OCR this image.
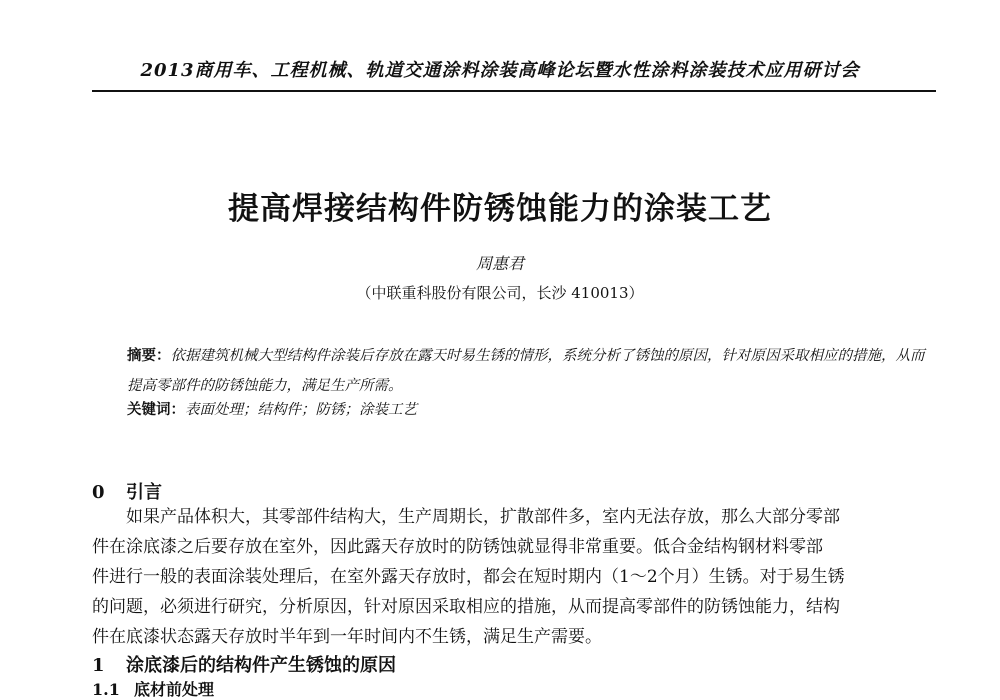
2013商用车、工程机械、轨道交通涂料涂装高峰论坛暨水性涂料涂装技术应用研讨会
提高焊接结构件防锈蚀能力的涂装工艺
周惠君
（中联重科股份有限公司，长沙 410013）
摘要：依据建筑机械大型结构件涂装后存放在露天时易生锈的情形，系统分析了锈蚀的原因，针对原因采取相应的措施，从而提高零部件的防锈蚀能力，满足生产所需。
关键词：表面处理；结构件；防锈；涂装工艺
0 引言
如果产品体积大，其零部件结构大，生产周期长，扩散部件多，室内无法存放，那么大部分零部
件在涂底漆之后要存放在室外，因此露天存放时的防锈蚀就显得非常重要。低合金结构钢材料零部
件进行一般的表面涂装处理后，在室外露天存放时，都会在短时期内（1～2个月）生锈。对于易生锈
的问题，必须进行研究，分析原因，针对原因采取相应的措施，从而提高零部件的防锈蚀能力，结构
件在底漆状态露天存放时半年到一年时间内不生锈，满足生产需要。
1 涂底漆后的结构件产生锈蚀的原因
1.1 底材前处理
